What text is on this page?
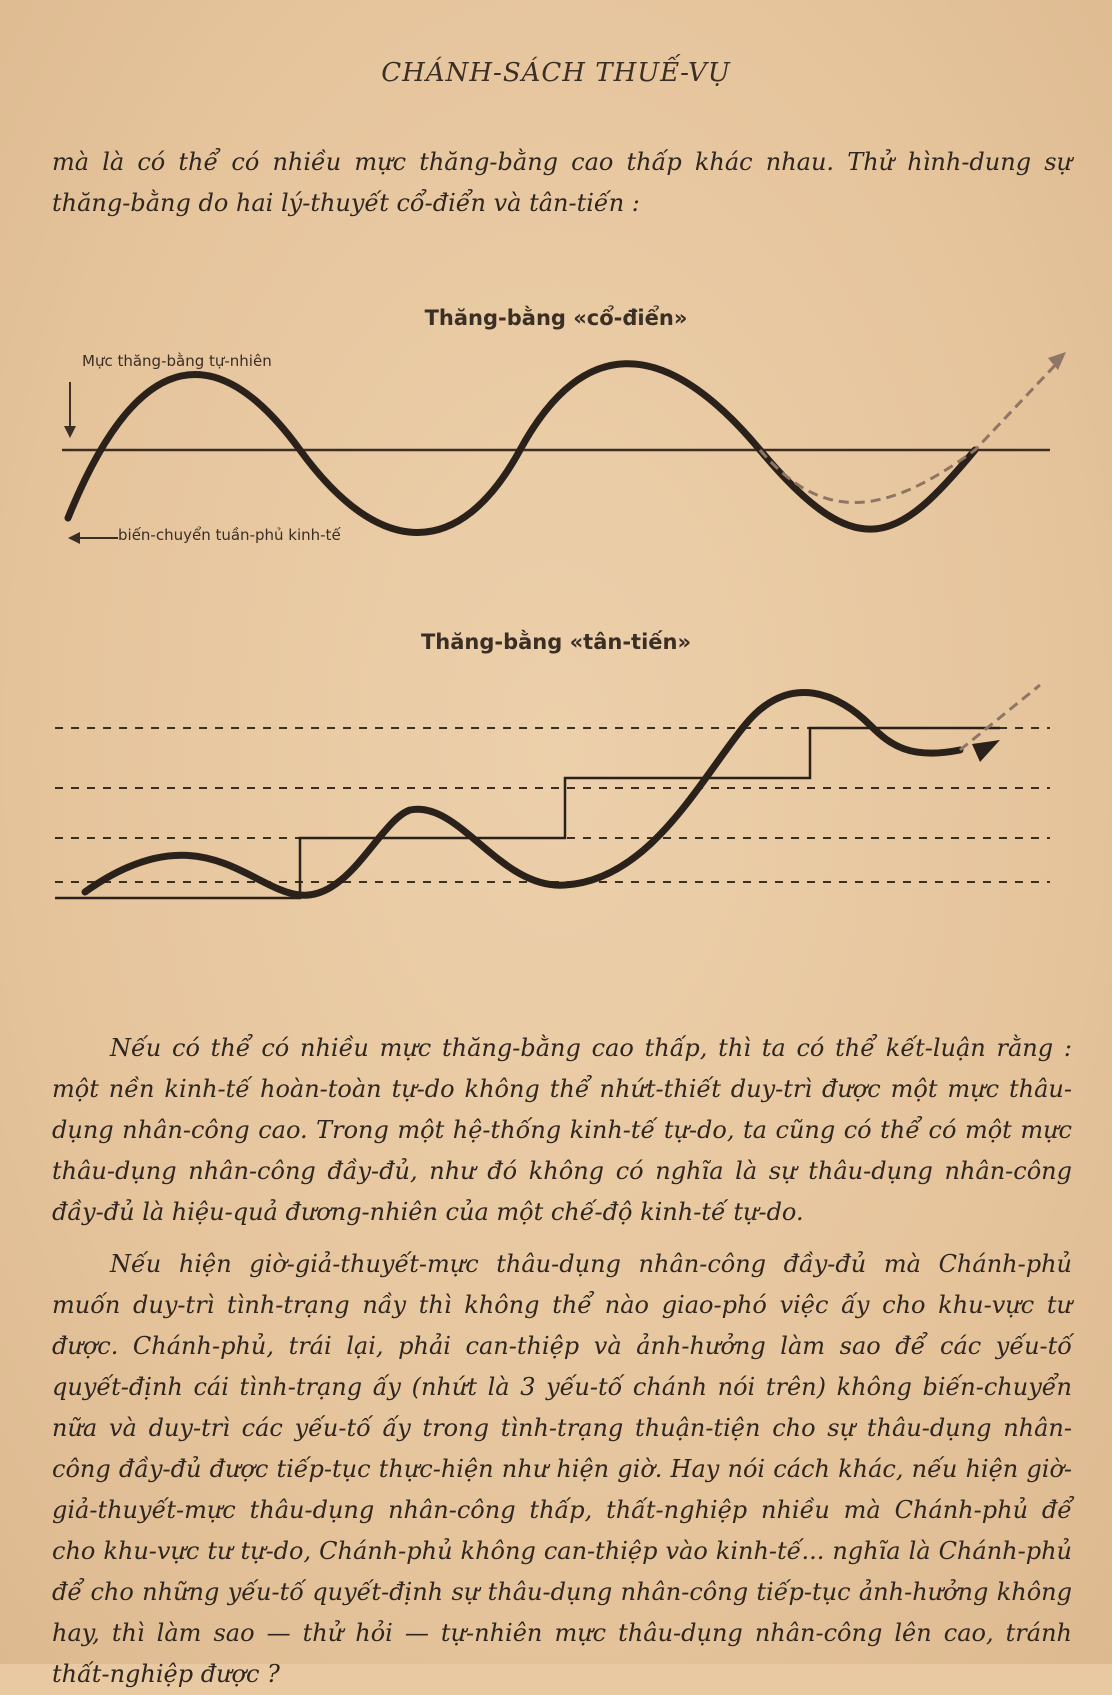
CHÁNH-SÁCH THUẾ-VỤ
mà là có thể có nhiều mực thăng-bằng cao thấp khác nhau. Thử hình-dung sự thăng-bằng do hai lý-thuyết cổ-điển và tân-tiến :
Thăng-bằng «cổ-điển»
Mực thăng-bằng tự-nhiên
biến-chuyển tuần-phủ kinh-tế
Thăng-bằng «tân-tiến»
Nếu có thể có nhiều mực thăng-bằng cao thấp, thì ta có thể kết-luận rằng : một nền kinh-tế hoàn-toàn tự-do không thể nhứt-thiết duy-trì được một mực thâu-dụng nhân-công cao. Trong một hệ-thống kinh-tế tự-do, ta cũng có thể có một mực thâu-dụng nhân-công đầy-đủ, như đó không có nghĩa là sự thâu-dụng nhân-công đầy-đủ là hiệu-quả đương-nhiên của một chế-độ kinh-tế tự-do.
Nếu hiện giờ-giả-thuyết-mực thâu-dụng nhân-công đầy-đủ mà Chánh-phủ muốn duy-trì tình-trạng nầy thì không thể nào giao-phó việc ấy cho khu-vực tư được. Chánh-phủ, trái lại, phải can-thiệp và ảnh-hưởng làm sao để các yếu-tố quyết-định cái tình-trạng ấy (nhứt là 3 yếu-tố chánh nói trên) không biến-chuyển nữa và duy-trì các yếu-tố ấy trong tình-trạng thuận-tiện cho sự thâu-dụng nhân-công đầy-đủ được tiếp-tục thực-hiện như hiện giờ. Hay nói cách khác, nếu hiện giờ-giả-thuyết-mực thâu-dụng nhân-công thấp, thất-nghiệp nhiều mà Chánh-phủ để cho khu-vực tư tự-do, Chánh-phủ không can-thiệp vào kinh-tế... nghĩa là Chánh-phủ để cho những yếu-tố quyết-định sự thâu-dụng nhân-công tiếp-tục ảnh-hưởng không hay, thì làm sao — thử hỏi — tự-nhiên mực thâu-dụng nhân-công lên cao, tránh thất-nghiệp được ?
